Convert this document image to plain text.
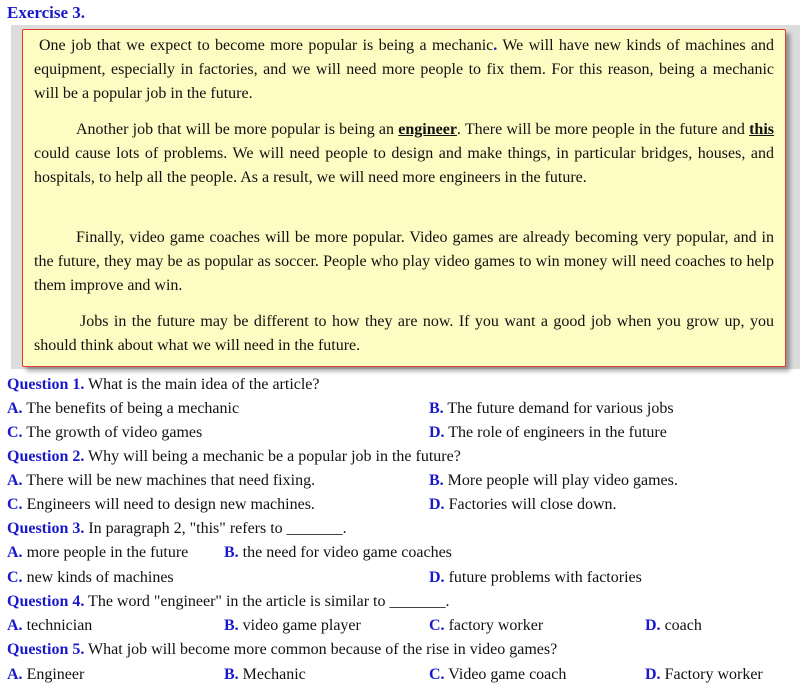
Exercise 3.

One job that we expect to become more popular is being a mechanic. We will have new kinds of machines and equipment, especially in factories, and we will need more people to fix them. For this reason, being a mechanic will be a popular job in the future.

Another job that will be more popular is being an engineer. There will be more people in the future and this could cause lots of problems. We will need people to design and make things, in particular bridges, houses, and hospitals, to help all the people. As a result, we will need more engineers in the future.

Finally, video game coaches will be more popular. Video games are already becoming very popular, and in the future, they may be as popular as soccer. People who play video games to win money will need coaches to help them improve and win.

Jobs in the future may be different to how they are now. If you want a good job when you grow up, you should think about what we will need in the future.

Question 1. What is the main idea of the article?
A. The benefits of being a mechanic	B. The future demand for various jobs
C. The growth of video games	D. The role of engineers in the future
Question 2. Why will being a mechanic be a popular job in the future?
A. There will be new machines that need fixing.	B. More people will play video games.
C. Engineers will need to design new machines.	D. Factories will close down.
Question 3. In paragraph 2, "this" refers to _______.
A. more people in the future B. the need for video game coaches
C. new kinds of machines	D. future problems with factories
Question 4. The word "engineer" in the article is similar to _______.
A. technician	B. video game player	C. factory worker	D. coach
Question 5. What job will become more common because of the rise in video games?
A. Engineer	B. Mechanic	C. Video game coach	D. Factory worker
